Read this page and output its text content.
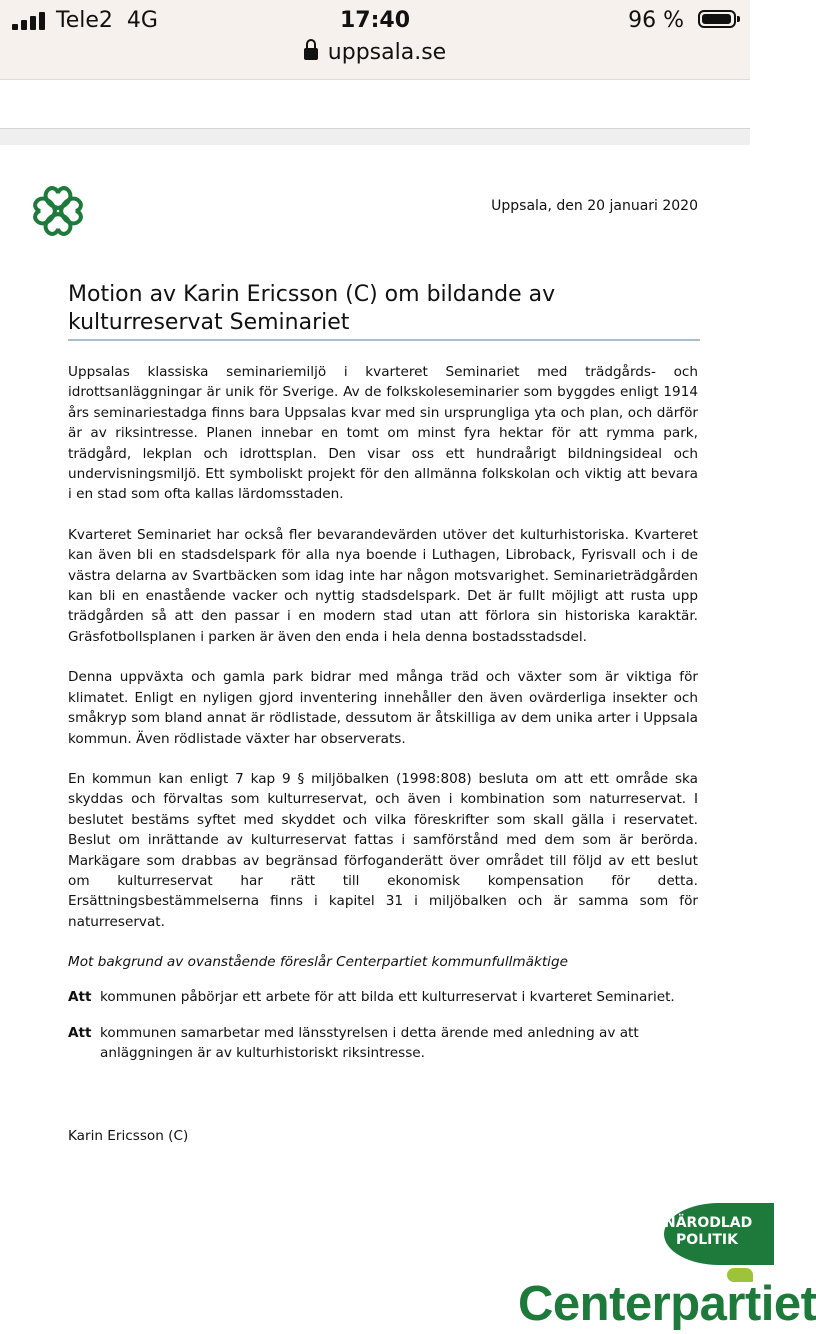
Tele2 4G	17:40	96 %
uppsala.se
Uppsala, den 20 januari 2020
Motion av Karin Ericsson (C) om bildande av kulturreservat Seminariet

Uppsalas klassiska seminariemiljö i kvarteret Seminariet med trädgårds- och idrottsanläggningar är unik för Sverige. Av de folkskoleseminarier som byggdes enligt 1914 års seminariestadga finns bara Uppsalas kvar med sin ursprungliga yta och plan, och därför är av riksintresse. Planen innebar en tomt om minst fyra hektar för att rymma park, trädgård, lekplan och idrottsplan. Den visar oss ett hundraårigt bildningsideal och undervisningsmiljö. Ett symboliskt projekt för den allmänna folkskolan och viktig att bevara i en stad som ofta kallas lärdomsstaden.

Kvarteret Seminariet har också fler bevarandevärden utöver det kulturhistoriska. Kvarteret kan även bli en stadsdelspark för alla nya boende i Luthagen, Libroback, Fyrisvall och i de västra delarna av Svartbäcken som idag inte har någon motsvarighet. Seminarieträdgården kan bli en enastående vacker och nyttig stadsdelspark. Det är fullt möjligt att rusta upp trädgården så att den passar i en modern stad utan att förlora sin historiska karaktär. Gräsfotbollsplanen i parken är även den enda i hela denna bostadsstadsdel.

Denna uppväxta och gamla park bidrar med många träd och växter som är viktiga för klimatet. Enligt en nyligen gjord inventering innehåller den även ovärderliga insekter och småkryp som bland annat är rödlistade, dessutom är åtskilliga av dem unika arter i Uppsala kommun. Även rödlistade växter har observerats.

En kommun kan enligt 7 kap 9 § miljöbalken (1998:808) besluta om att ett område ska skyddas och förvaltas som kulturreservat, och även i kombination som naturreservat. I beslutet bestäms syftet med skyddet och vilka föreskrifter som skall gälla i reservatet. Beslut om inrättande av kulturreservat fattas i samförstånd med dem som är berörda. Markägare som drabbas av begränsad förfoganderätt över området till följd av ett beslut om kulturreservat har rätt till ekonomisk kompensation för detta. Ersättningsbestämmelserna finns i kapitel 31 i miljöbalken och är samma som för naturreservat.

Mot bakgrund av ovanstående föreslår Centerpartiet kommunfullmäktige

Att kommunen påbörjar ett arbete för att bilda ett kulturreservat i kvarteret Seminariet.
Att kommunen samarbetar med länsstyrelsen i detta ärende med anledning av att anläggningen är av kulturhistoriskt riksintresse.
Karin Ericsson (C)
NÄRODLAD
POLITIK
Centerpartiet
